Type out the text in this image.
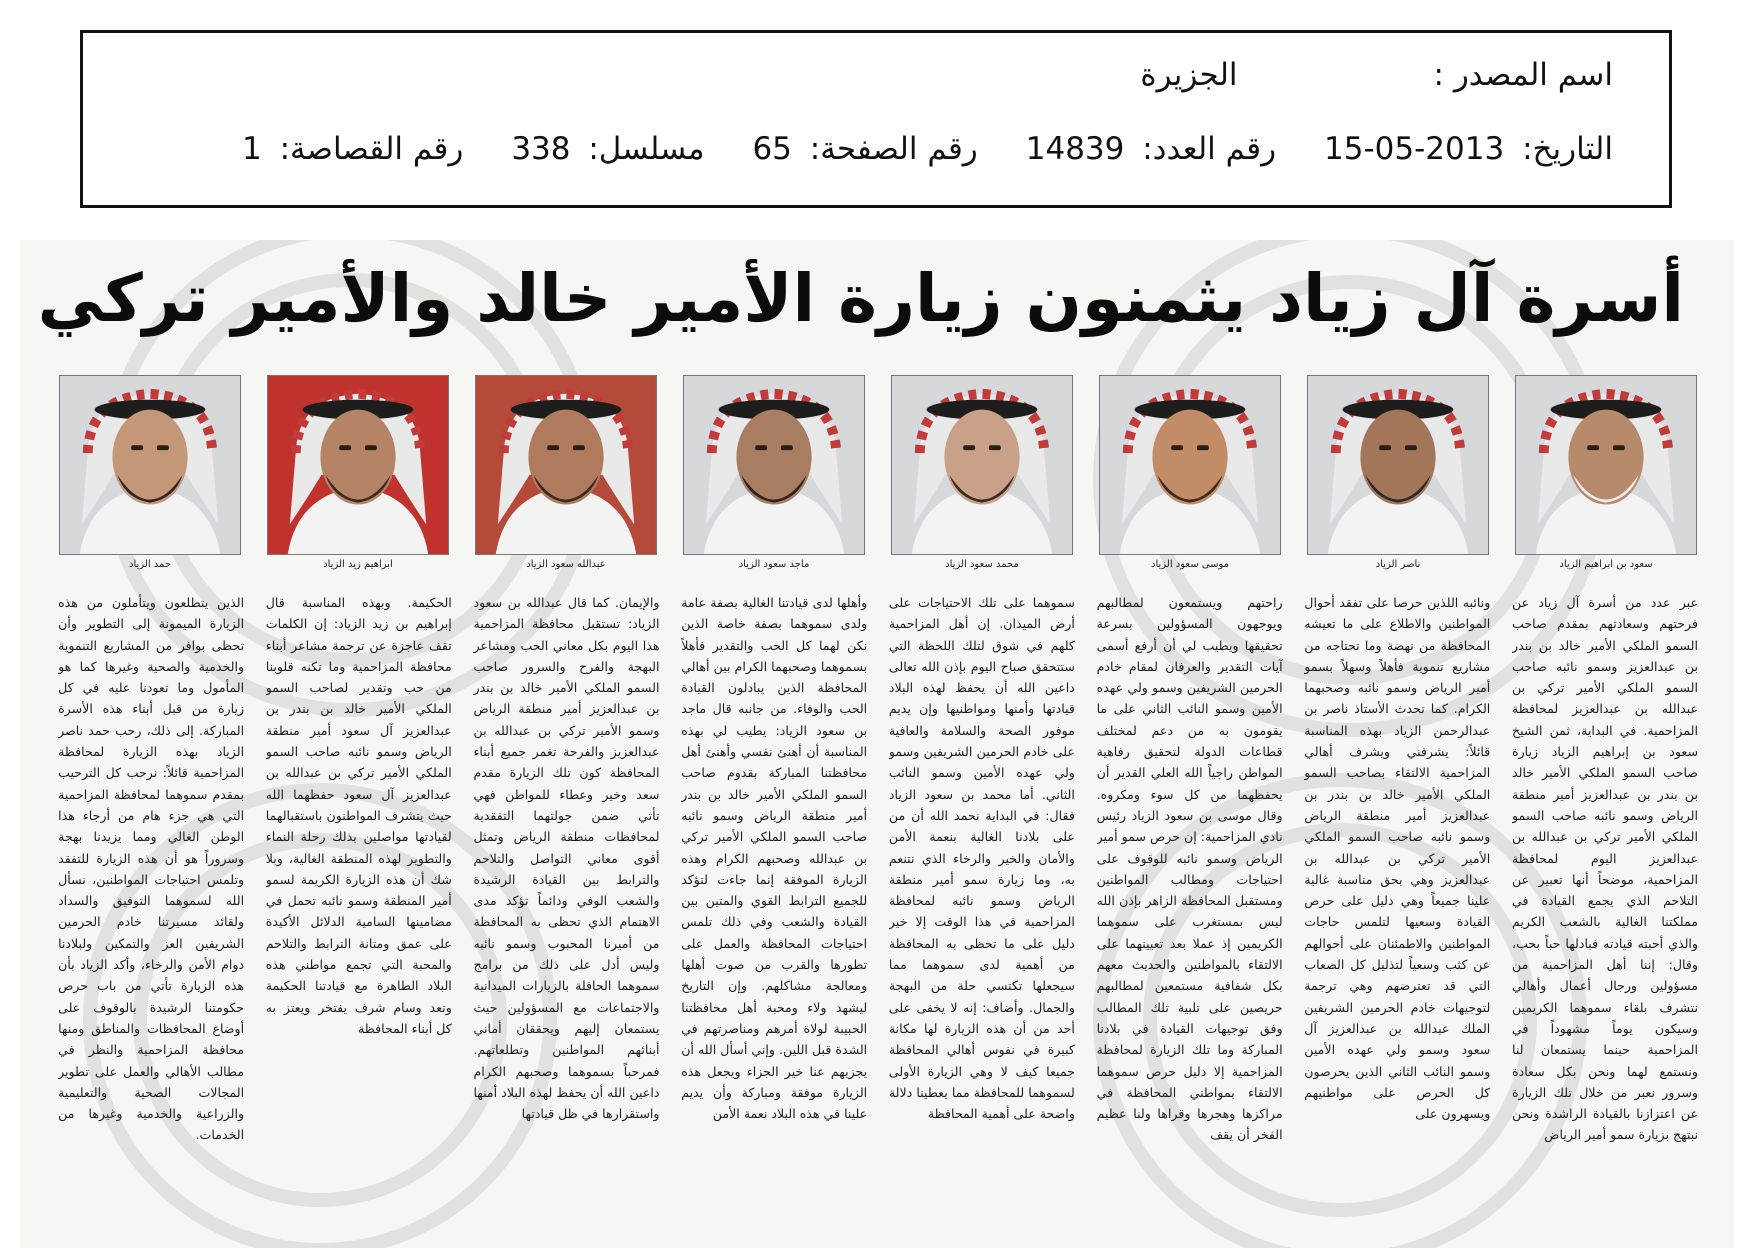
اسم المصدر :
الجزيرة
التاريخ: 15-05-2013
رقم العدد: 14839
رقم الصفحة: 65
مسلسل: 338
رقم القصاصة: 1
أسرة آل زياد يثمنون زيارة الأمير خالد والأمير تركي
سعود بن ابراهيم الزياد
ناصر الزياد
موسى سعود الزياد
محمد سعود الزياد
ماجد سعود الزياد
عبدالله سعود الزياد
ابراهيم زيد الزياد
حمد الزياد
عبر عدد من أسرة آل زياد عن فرحتهم وسعادتهم بمقدم صاحب السمو الملكي الأمير خالد بن بندر بن عبدالعزيز وسمو نائبه صاحب السمو الملكي الأمير تركي بن عبدالله بن عبدالعزيز لمحافظة المزاحمية. في البداية، ثمن الشيخ سعود بن إبراهيم الزياد زيارة صاحب السمو الملكي الأمير خالد بن بندر بن عبدالعزيز أمير منطقة الرياض وسمو نائبه صاحب السمو الملكي الأمير تركي بن عبدالله بن عبدالعزيز اليوم لمحافظة المزاحمية، موضحاً أنها تعبير عن التلاحم الذي يجمع القيادة في مملكتنا الغالية بالشعب الكريم والذي أحبته قيادته فبادلها حباً بحب، وقال: إننا أهل المزاحمية من مسؤولين ورجال أعمال وأهالي نتشرف بلقاء سموهما الكريمين وسيكون يوماً مشهوداً في المزاحمية حينما يستمعان لنا ونستمع لهما ونحن بكل سعادة وسرور نعبر من خلال تلك الزيارة عن اعتزازنا بالقيادة الراشدة ونحن نبتهج بزيارة سمو أمير الرياض
ونائبه اللذين حرصا على تفقد أحوال المواطنين والاطلاع على ما تعيشه المحافظة من نهضة وما تحتاجه من مشاريع تنموية فأهلاً وسهلاً بسمو أمير الرياض وسمو نائبه وصحبهما الكرام. كما تحدث الأستاذ ناصر بن عبدالرحمن الزياد بهذه المناسبة قائلاً: يشرفني ويشرف أهالي المزاحمية الالتقاء بصاحب السمو الملكي الأمير خالد بن بندر بن عبدالعزيز أمير منطقة الرياض وسمو نائبه صاحب السمو الملكي الأمير تركي بن عبدالله بن عبدالعزيز وهي بحق مناسبة غالية علينا جميعاً وهي دليل على حرص القيادة وسعيها لتلمس حاجات المواطنين والاطمئنان على أحوالهم عن كثب وسعياً لتذليل كل الصعاب التي قد تعترضهم وهي ترجمة لتوجيهات خادم الحرمين الشريفين الملك عبدالله بن عبدالعزيز آل سعود وسمو ولي عهده الأمين وسمو النائب الثاني الذين يحرصون كل الحرص على مواطنيهم ويسهرون على
راحتهم ويستمعون لمطالبهم ويوجهون المسؤولين بسرعة تحقيقها ويطيب لي أن أرفع أسمى آيات التقدير والعرفان لمقام خادم الحرمين الشريفين وسمو ولي عهده الأمين وسمو النائب الثاني على ما يقومون به من دعم لمختلف قطاعات الدولة لتحقيق رفاهية المواطن راجياً الله العلي القدير أن يحفظهما من كل سوء ومكروه. وقال موسى بن سعود الزياد رئيس نادي المزاحمية: إن حرص سمو أمير الرياض وسمو نائبه للوقوف على احتياجات ومطالب المواطنين ومستقبل المحافظة الزاهر بإذن الله ليس بمستغرب على سموهما الكريمين إذ عملا بعد تعيينهما على الالتقاء بالمواطنين والحديث معهم بكل شفافية مستمعين لمطالبهم حريصين على تلبية تلك المطالب وفق توجيهات القيادة في بلادنا المباركة وما تلك الزيارة لمحافظة المزاحمية إلا دليل حرص سموهما الالتقاء بمواطني المحافظة في مراكزها وهجرها وقراها ولنا عظيم الفخر أن يقف
سموهما على تلك الاحتياجات على أرض الميدان. إن أهل المزاحمية كلهم في شوق لتلك اللحظة التي ستتحقق صباح اليوم بإذن الله تعالى داعين الله أن يحفظ لهذه البلاد قيادتها وأمنها ومواطنيها وإن يديم موفور الصحة والسلامة والعافية على خادم الحرمين الشريفين وسمو ولي عهده الأمين وسمو النائب الثاني. أما محمد بن سعود الزياد فقال: في البداية نحمد الله أن من على بلادنا الغالية بنعمة الأمن والأمان والخير والرخاء الذي نتنعم به، وما زيارة سمو أمير منطقة الرياض وسمو نائبه لمحافظة المزاحمية في هذا الوقت إلا خير دليل على ما تحظى به المحافظة من أهمية لدى سموهما مما سيجعلها تكتسي حلة من البهجة والجمال. وأضاف: إنه لا يخفى على أحد من أن هذه الزيارة لها مكانة كبيرة في نفوس أهالي المحافظة جميعا كيف لا وهي الزيارة الأولى لسموهما للمحافظة مما يعطينا دلالة واضحة على أهمية المحافظة
وأهلها لدى قيادتنا الغالية بصفة عامة ولدى سموهما بصفة خاصة الذين نكن لهما كل الحب والتقدير فأهلاً بسموهما وصحبهما الكرام بين أهالي المحافظة الذين يبادلون القيادة الحب والوفاء. من جانبه قال ماجد بن سعود الزياد: يطيب لي بهذه المناسبة أن أهنئ نفسي وأهنئ أهل محافظتنا المباركة بقدوم صاحب السمو الملكي الأمير خالد بن بندر أمير منطقة الرياض وسمو نائبه صاحب السمو الملكي الأمير تركي بن عبدالله وصحبهم الكرام وهذه الزيارة الموفقة إنما جاءت لتؤكد للجميع الترابط القوي والمتين بين القيادة والشعب وفي ذلك تلمس احتياجات المحافظة والعمل على تطورها والقرب من صوت أهلها ومعالجة مشاكلهم. وإن التاريخ ليشهد ولاء ومحبة أهل محافظتنا الحبيبة لولاة أمرهم ومناصرتهم في الشدة قبل اللين. وإني أسأل الله أن يجزيهم عنا خير الجزاء ويجعل هذه الزيارة موفقة ومباركة وأن يديم علينا في هذه البلاد نعمة الأمن
والإيمان. كما قال عبدالله بن سعود الزياد: تستقبل محافظة المزاحمية هذا اليوم بكل معاني الحب ومشاعر البهجة والفرح والسرور صاحب السمو الملكي الأمير خالد بن بندر بن عبدالعزيز أمير منطقة الرياض وسمو الأمير تركي بن عبدالله بن عبدالعزيز والفرحة تغمر جميع أبناء المحافظة كون تلك الزيارة مقدم سعد وخير وعطاء للمواطن فهي تأتي ضمن جولتهما التفقدية لمحافظات منطقة الرياض وتمثل أقوى معاني التواصل والتلاحم والترابط بين القيادة الرشيدة والشعب الوفي ودائماً تؤكد مدى الاهتمام الذي تحظى به المحافظة من أميرنا المحبوب وسمو نائبه وليس أدل على ذلك من برامج سموهما الحافلة بالزيارات الميدانية والاجتماعات مع المسؤولين حيث يستمعان إليهم ويحققان أماني أبنائهم المواطنين وتطلعاتهم. فمرحباً بسموهما وصحبهم الكرام داعين الله أن يحفظ لهذه البلاد أمنها واستقرارها في ظل قيادتها
الحكيمة. وبهذه المناسبة قال إبراهيم بن زيد الزياد: إن الكلمات تقف عاجزة عن ترجمة مشاعر أبناء محافظة المزاحمية وما تكنه قلوبنا من حب وتقدير لصاحب السمو الملكي الأمير خالد بن بندر بن عبدالعزيز آل سعود أمير منطقة الرياض وسمو نائبه صاحب السمو الملكي الأمير تركي بن عبدالله بن عبدالعزيز آل سعود حفظهما الله حيث يتشرف المواطنون باستقبالهما لقيادتها مواصلين بذلك رحلة النماء والتطوير لهذه المنطقة الغالية، وبلا شك أن هذه الزيارة الكريمة لسمو أمير المنطقة وسمو نائبه تحمل في مضامينها السامية الدلائل الأكيدة على عمق ومتانة الترابط والتلاحم والمحبة التي تجمع مواطني هذه البلاد الطاهرة مع قيادتنا الحكيمة وتعد وسام شرف يفتخر ويعتز به كل أبناء المحافظة
الذين يتطلعون ويتأملون من هذه الزيارة الميمونة إلى التطوير وأن تحظى بوافر من المشاريع التنموية والخدمية والصحية وغيرها كما هو المأمول وما تعودنا عليه في كل زيارة من قبل أبناء هذه الأسرة المباركة. إلى ذلك، رحب حمد ناصر الزياد بهذه الزيارة لمحافظة المزاحمية قائلاً: نرحب كل الترحيب بمقدم سموهما لمحافظة المزاحمية التي هي جزء هام من أرجاء هذا الوطن الغالي ومما يزيدنا بهجة وسروراً هو أن هذه الزيارة للتفقد وتلمس احتياجات المواطنين، نسأل الله لسموهما التوفيق والسداد ولقائد مسيرتنا خادم الحرمين الشريفين العز والتمكين ولبلادنا دوام الأمن والرخاء، وأكد الزياد بأن هذه الزيارة تأتي من باب حرص حكومتنا الرشيدة بالوقوف على أوضاع المحافظات والمناطق ومنها محافظة المزاحمية والنظر في مطالب الأهالي والعمل على تطوير المجالات الصحية والتعليمية والزراعية والخدمية وغيرها من الخدمات.
